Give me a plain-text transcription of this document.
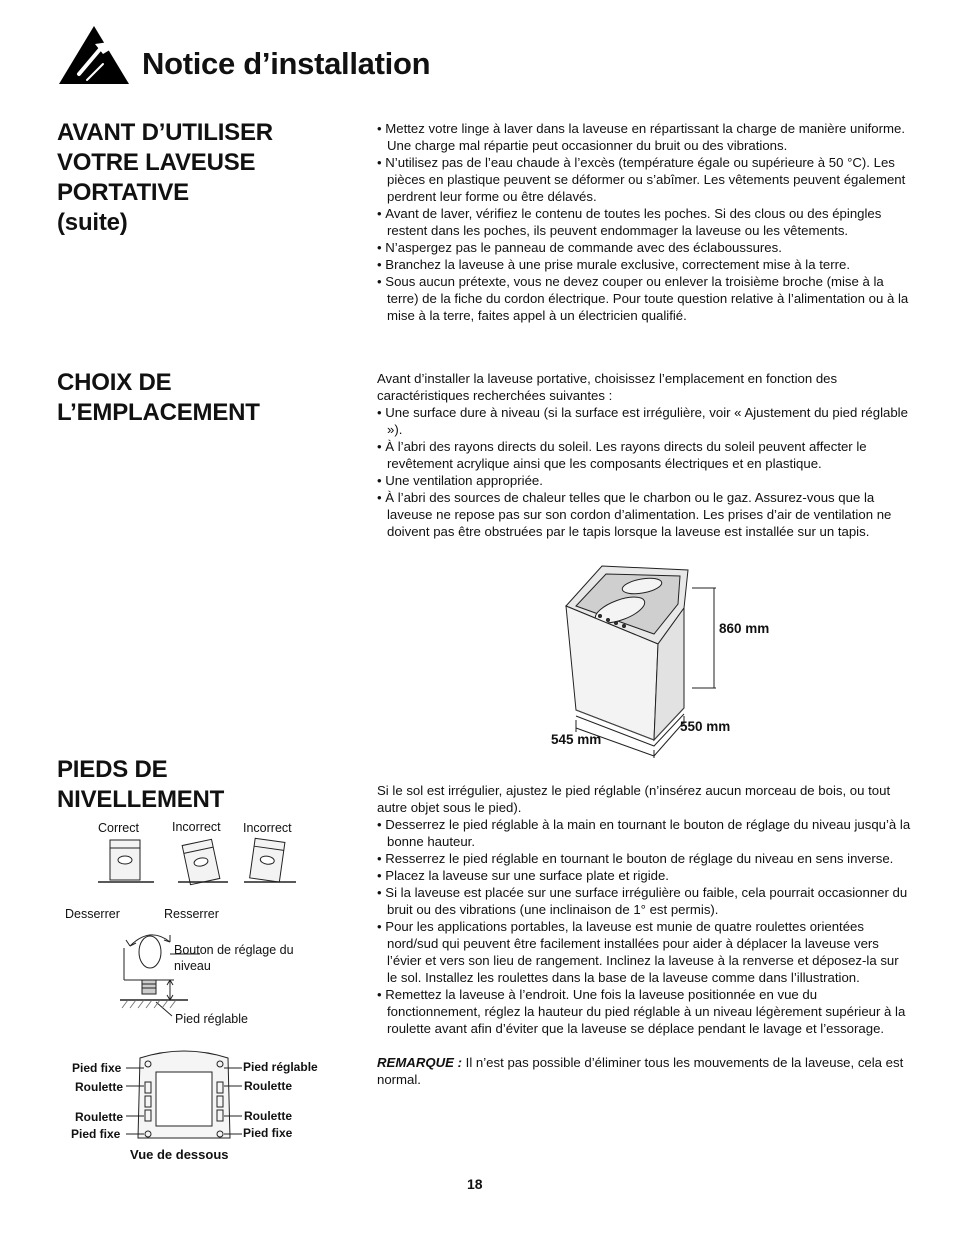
Notice d’installation
AVANT D’UTILISER
VOTRE LAVEUSE
PORTATIVE
(suite)
• Mettez votre linge à laver dans la laveuse en répartissant la charge de manière uniforme. Une charge mal répartie peut occasionner du bruit ou des vibrations.
• N’utilisez pas de l’eau chaude à l’excès (température égale ou supérieure à 50 °C). Les pièces en plastique peuvent se déformer ou s’abîmer. Les vêtements peuvent également perdrent leur forme ou être délavés.
• Avant de laver, vérifiez le contenu de toutes les poches. Si des clous ou des épingles restent dans les poches, ils peuvent endommager la laveuse ou les vêtements.
• N’aspergez pas le panneau de commande avec des éclaboussures.
• Branchez la laveuse à une prise murale exclusive, correctement mise à la terre.
• Sous aucun prétexte, vous ne devez couper ou enlever la troisième broche (mise à la terre) de la fiche du cordon électrique. Pour toute question relative à l’alimentation ou à la mise à la terre, faites appel à un électricien qualifié.
CHOIX DE
L’EMPLACEMENT

Avant d’installer la laveuse portative, choisissez l’emplacement en fonction des caractéristiques recherchées suivantes :

• Une surface dure à niveau (si la surface est irrégulière, voir « Ajustement du pied réglable »).
• À l’abri des rayons directs du soleil. Les rayons directs du soleil peuvent affecter le revêtement acrylique ainsi que les composants électriques et en plastique.
• Une ventilation appropriée.
• À l’abri des sources de chaleur telles que le charbon ou le gaz. Assurez-vous que la laveuse ne repose pas sur son cordon d’alimentation. Les prises d’air de ventilation ne doivent pas être obstruées par le tapis lorsque la laveuse est installée sur un tapis.
860 mm
550 mm
545 mm
PIEDS DE
NIVELLEMENT	Si le sol est irrégulier, ajustez le pied réglable (n’insérez aucun morceau de bois, ou tout autre objet sous le pied).

• Desserrez le pied réglable à la main en tournant le bouton de réglage du niveau jusqu’à la bonne hauteur.
• Resserrez le pied réglable en tournant le bouton de réglage du niveau en sens inverse.
• Placez la laveuse sur une surface plate et rigide.
• Si la laveuse est placée sur une surface irrégulière ou faible, cela pourrait occasionner du bruit ou des vibrations (une inclinaison de 1° est permis).
• Pour les applications portables, la laveuse est munie de quatre roulettes orientées nord/sud qui peuvent être facilement installées pour aider à déplacer la laveuse vers l’évier et vers son lieu de rangement. Inclinez la laveuse à la renverse et déposez-la sur le sol. Installez les roulettes dans la base de la laveuse comme dans l’illustration.
• Remettez la laveuse à l’endroit. Une fois la laveuse positionnée en vue du fonctionnement, réglez la hauteur du pied réglable à un niveau légèrement supérieur à la roulette avant afin d’éviter que la laveuse se déplace pendant le lavage et l’essorage.

REMARQUE : Il n’est pas possible d’éliminer tous les mouvements de la laveuse, cela est normal.

Correct	Incorrect Incorrect
Desserrer	Resserrer
Bouton de réglage du niveau
Pied réglable
Pied fixe
Roulette
Roulette
Pied fixe
Pied réglable
Roulette
Roulette
Pied fixe
Vue de dessous
18
